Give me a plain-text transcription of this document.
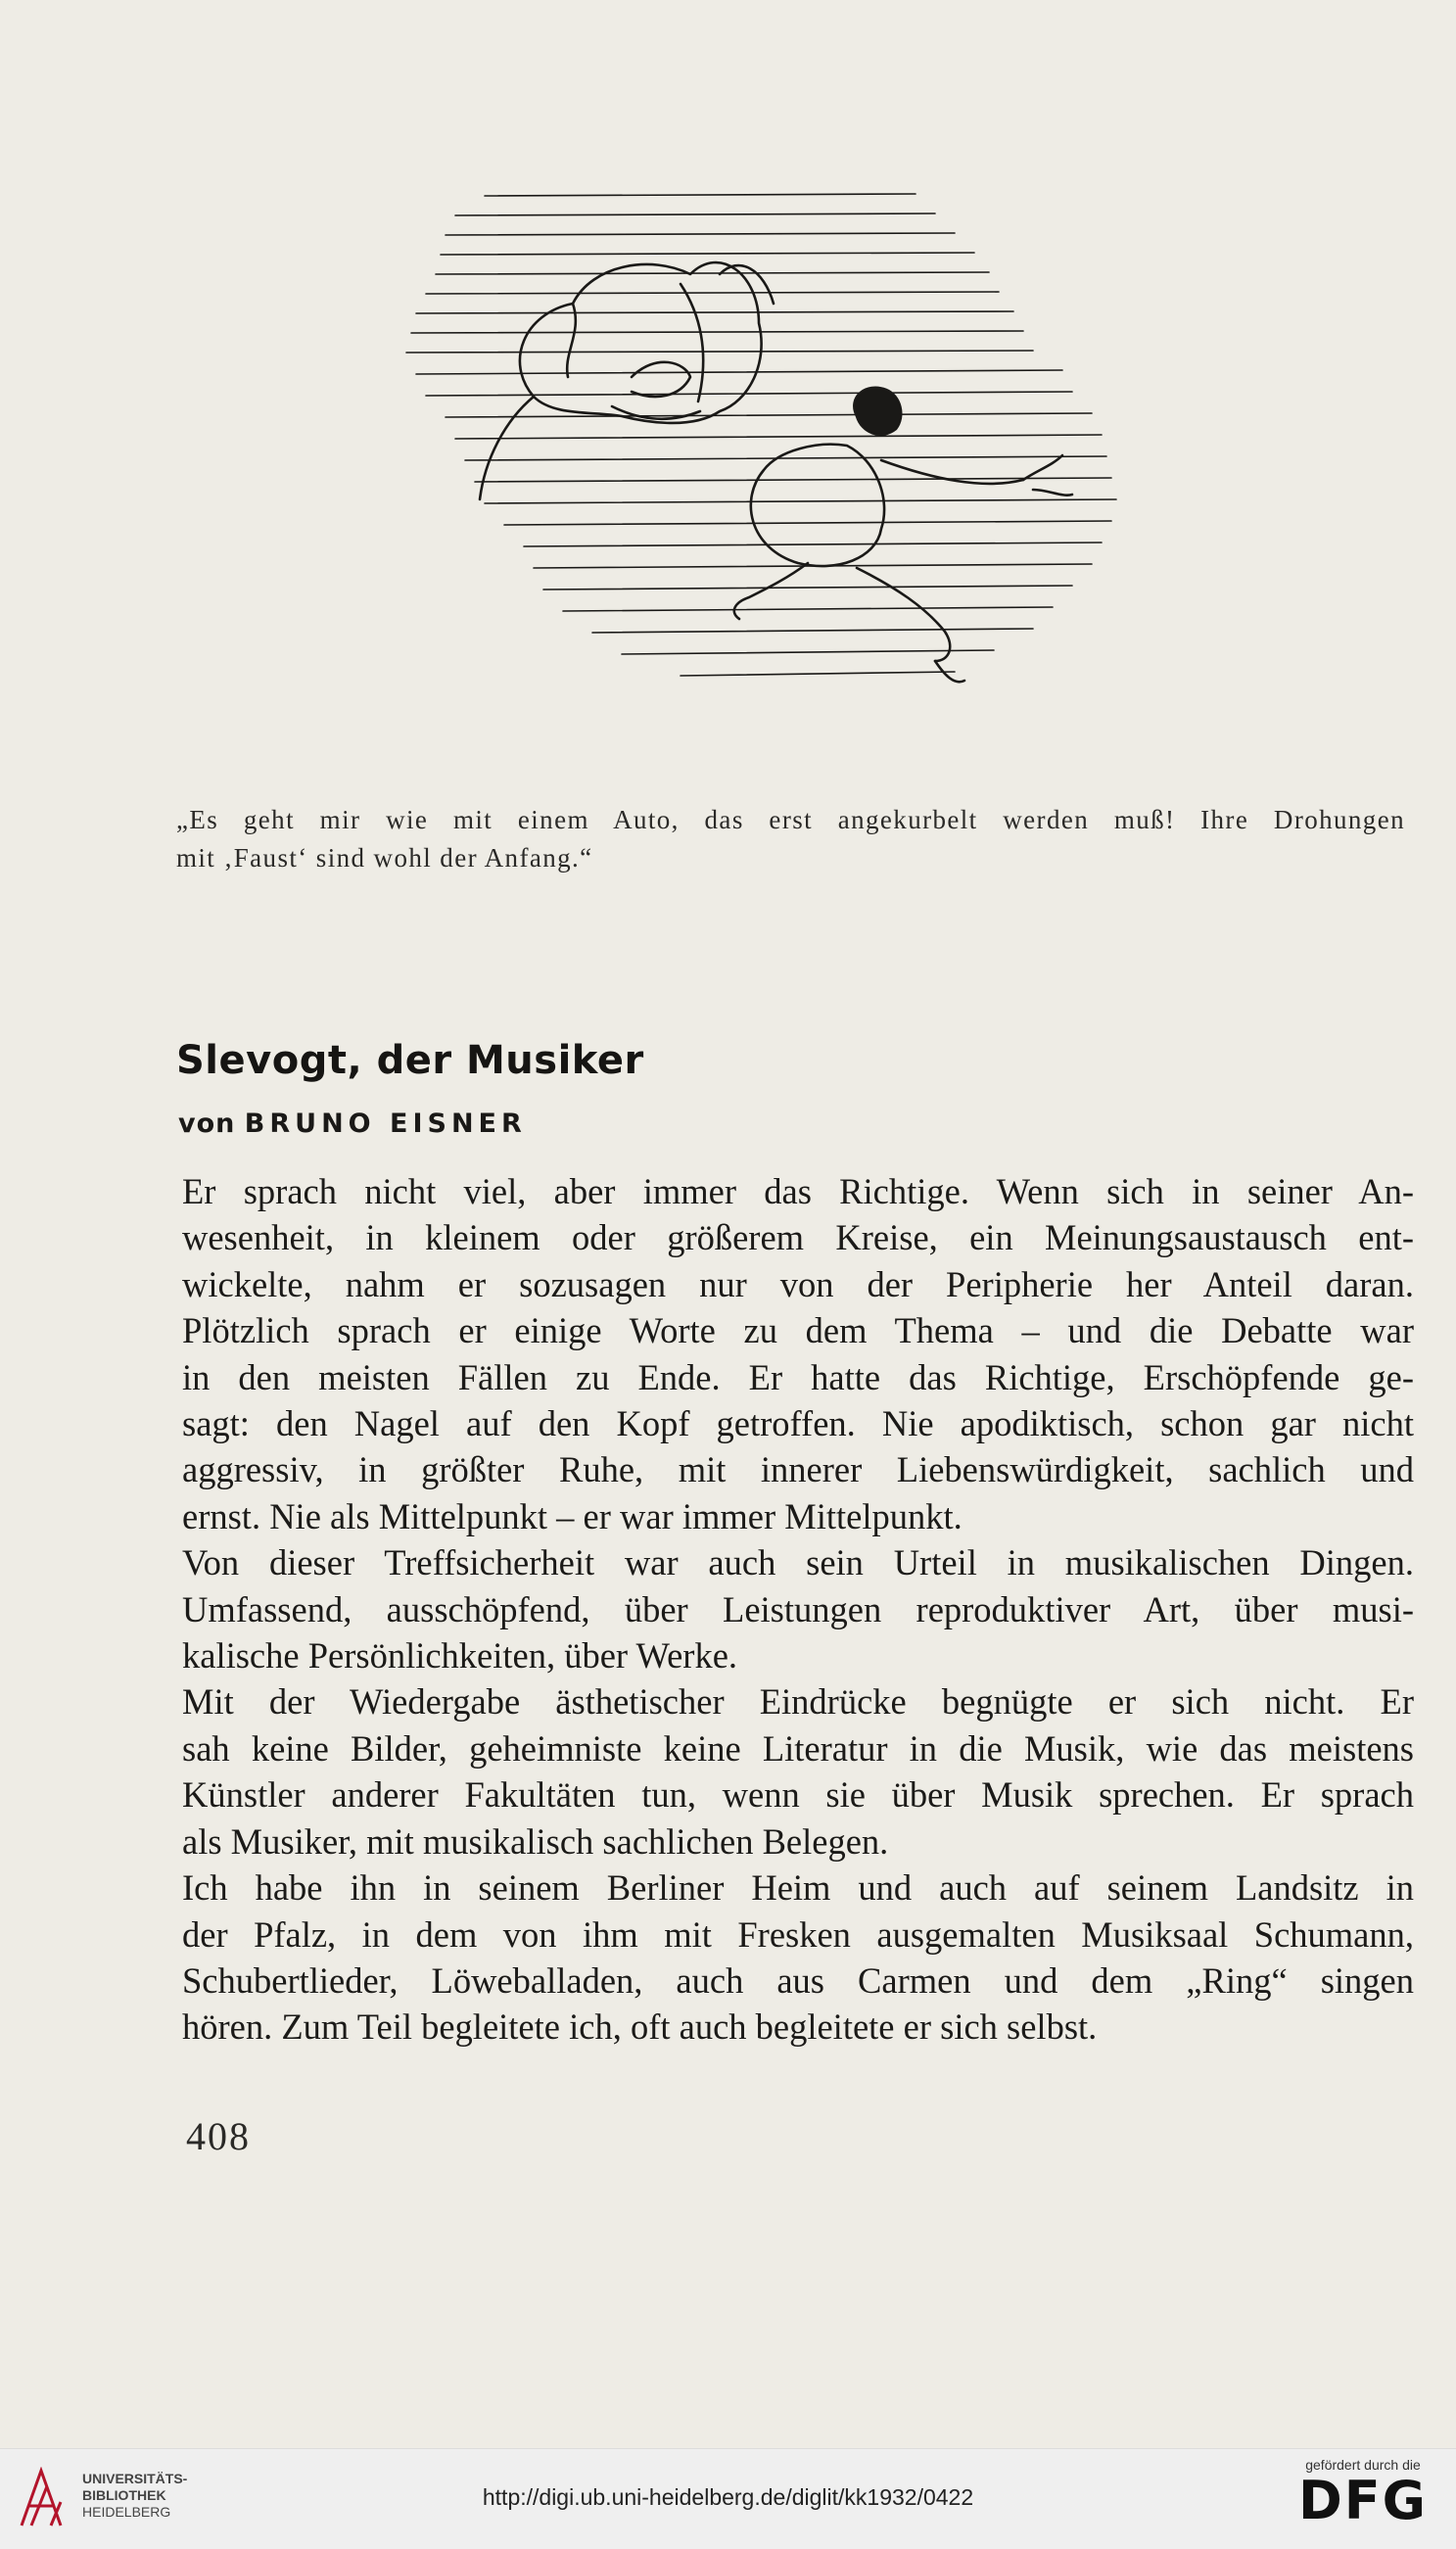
„Es geht mir wie mit einem Auto, das erst angekurbelt werden muß! Ihre Drohungen
mit ‚Faust‘ sind wohl der Anfang.“
Slevogt, der Musiker
von BRUNO EISNER
Er sprach nicht viel, aber immer das Richtige. Wenn sich in seiner An-
wesenheit, in kleinem oder größerem Kreise, ein Meinungsaustausch ent-
wickelte, nahm er sozusagen nur von der Peripherie her Anteil daran.
Plötzlich sprach er einige Worte zu dem Thema – und die Debatte war
in den meisten Fällen zu Ende. Er hatte das Richtige, Erschöpfende ge-
sagt: den Nagel auf den Kopf getroffen. Nie apodiktisch, schon gar nicht
aggressiv, in größter Ruhe, mit innerer Liebenswürdigkeit, sachlich und
ernst. Nie als Mittelpunkt – er war immer Mittelpunkt.
Von dieser Treffsicherheit war auch sein Urteil in musikalischen Dingen.
Umfassend, ausschöpfend, über Leistungen reproduktiver Art, über musi-
kalische Persönlichkeiten, über Werke.
Mit der Wiedergabe ästhetischer Eindrücke begnügte er sich nicht. Er
sah keine Bilder, geheimniste keine Literatur in die Musik, wie das meistens
Künstler anderer Fakultäten tun, wenn sie über Musik sprechen. Er sprach
als Musiker, mit musikalisch sachlichen Belegen.
Ich habe ihn in seinem Berliner Heim und auch auf seinem Landsitz in
der Pfalz, in dem von ihm mit Fresken ausgemalten Musiksaal Schumann,
Schubertlieder, Löweballaden, auch aus Carmen und dem „Ring“ singen
hören. Zum Teil begleitete ich, oft auch begleitete er sich selbst.
408
UNIVERSITÄTS-
BIBLIOTHEK
HEIDELBERG
http://digi.ub.uni-heidelberg.de/diglit/kk1932/0422
gefördert durch die
DFG
